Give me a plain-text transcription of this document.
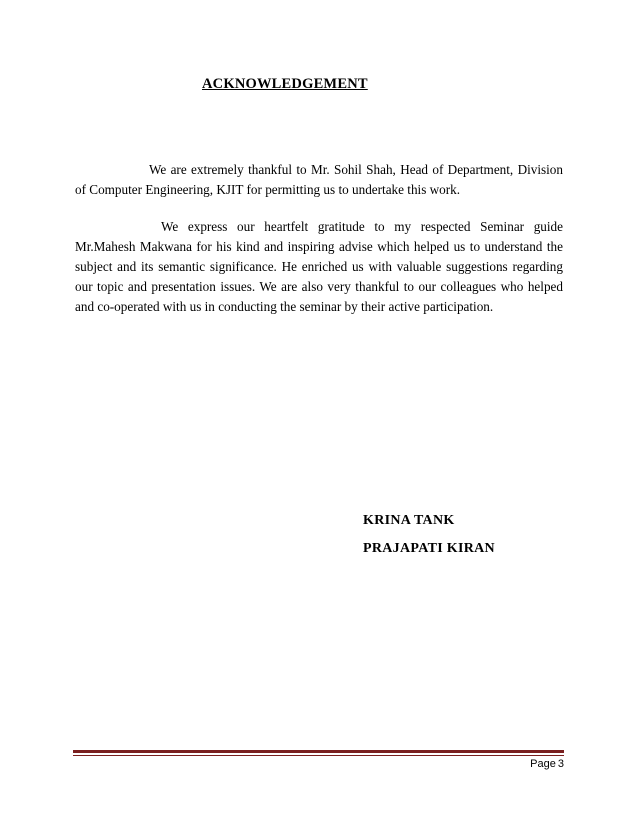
ACKNOWLEDGEMENT

We are extremely thankful to Mr. Sohil Shah, Head of Department, Division of Computer Engineering, KJIT for permitting us to undertake this work.

We express our heartfelt gratitude to my respected Seminar guide Mr.Mahesh Makwana for his kind and inspiring advise which helped us to understand the subject and its semantic significance. He enriched us with valuable suggestions regarding our topic and presentation issues. We are also very thankful to our colleagues who helped and co-operated with us in conducting the seminar by their active participation.

KRINA TANK
PRAJAPATI KIRAN
Page 3
